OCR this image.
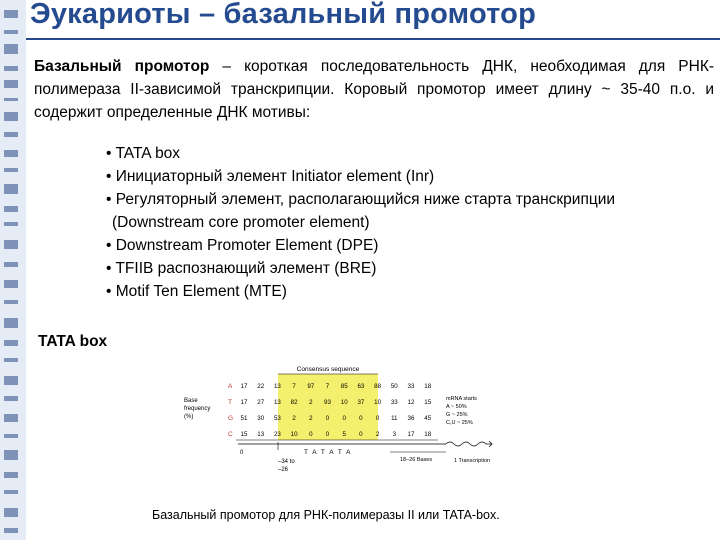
Эукариоты – базальный промотор
Базальный промотор – короткая последовательность ДНК, необходимая для РНК-полимераза II-зависимой транскрипции. Коровый промотор имеет длину ~ 35-40 п.о. и содержит определенные ДНК мотивы:
• TATA box
• Инициаторный элемент Initiator element (Inr)
• Регуляторный элемент, располагающийся ниже старта транскрипции
(Downstream core promoter element)
• Downstream Promoter Element (DPE)
• TFIIB распознающий элемент (BRE)
• Motif Ten Element (MTE)
TATA box
Consensus sequence
Base
frequency
(%)
A 17 22 13 7 97 7 85 63 88 50 33 18
T 17 27 13 82 2 93 10 37 10 33 12 15
G 51 30 53 2 2 0 0 0 0 11 36 45
C 15 13 23 10 0 0 5 0 2 3 17 18
0
–34 to
–26
T A T A T A
18–26 Bases	1 Transcription
mRNA starts
A ~ 50%
G ~ 25%
C,U ~ 25%
Базальный промотор для РНК-полимеразы II или TATA-box.
